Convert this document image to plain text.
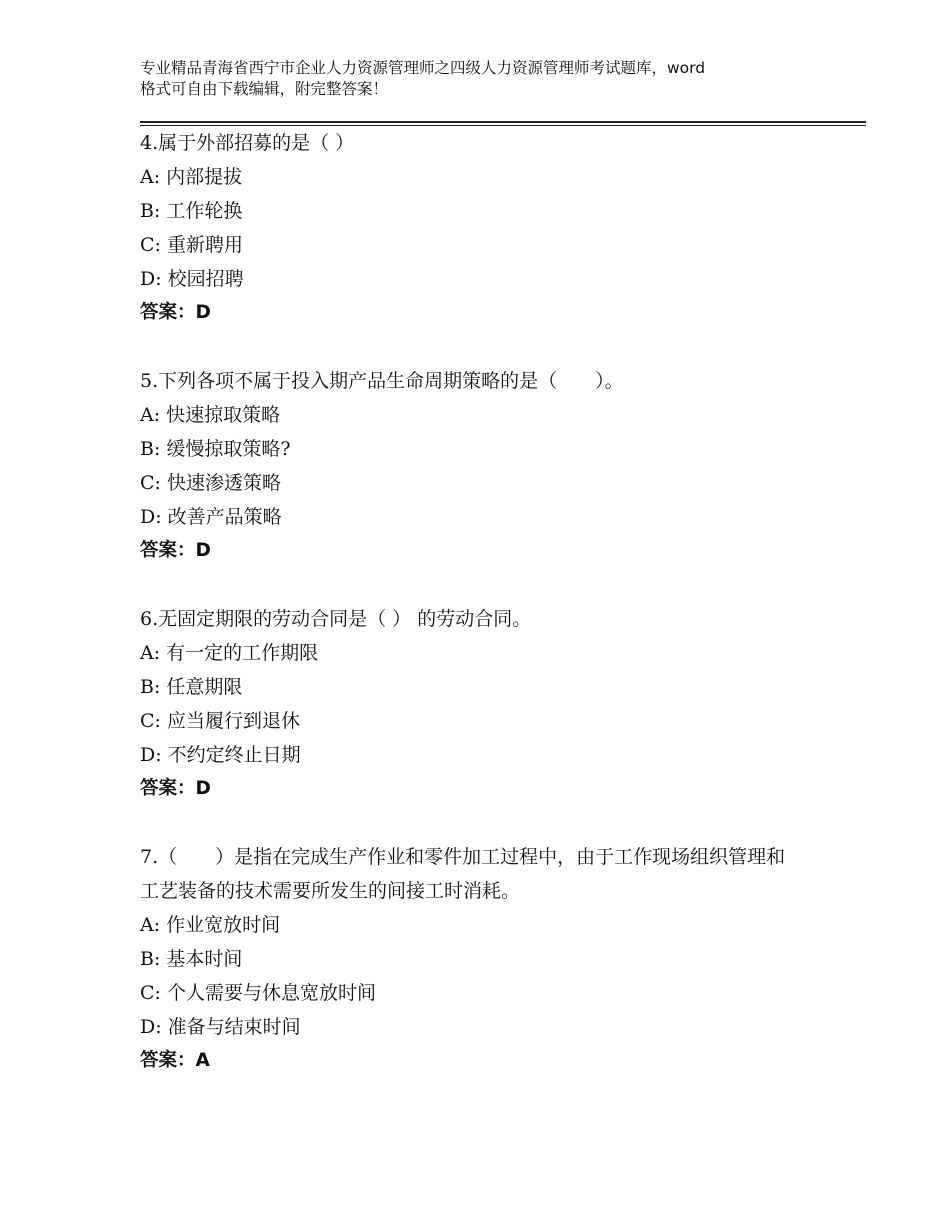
专业精品青海省西宁市企业人力资源管理师之四级人力资源管理师考试题库，word
格式可自由下载编辑，附完整答案！
4.属于外部招募的是（ ）
A: 内部提拔
B: 工作轮换
C: 重新聘用
D: 校园招聘
答案：D
5.下列各项不属于投入期产品生命周期策略的是（　　）。
A: 快速掠取策略
B: 缓慢掠取策略?
C: 快速渗透策略
D: 改善产品策略
答案：D
6.无固定期限的劳动合同是（ ） 的劳动合同。
A: 有一定的工作期限
B: 任意期限
C: 应当履行到退休
D: 不约定终止日期
答案：D
7.（　　）是指在完成生产作业和零件加工过程中，由于工作现场组织管理和工艺装备的技术需要所发生的间接工时消耗。
A: 作业宽放时间
B: 基本时间
C: 个人需要与休息宽放时间
D: 准备与结束时间
答案：A
